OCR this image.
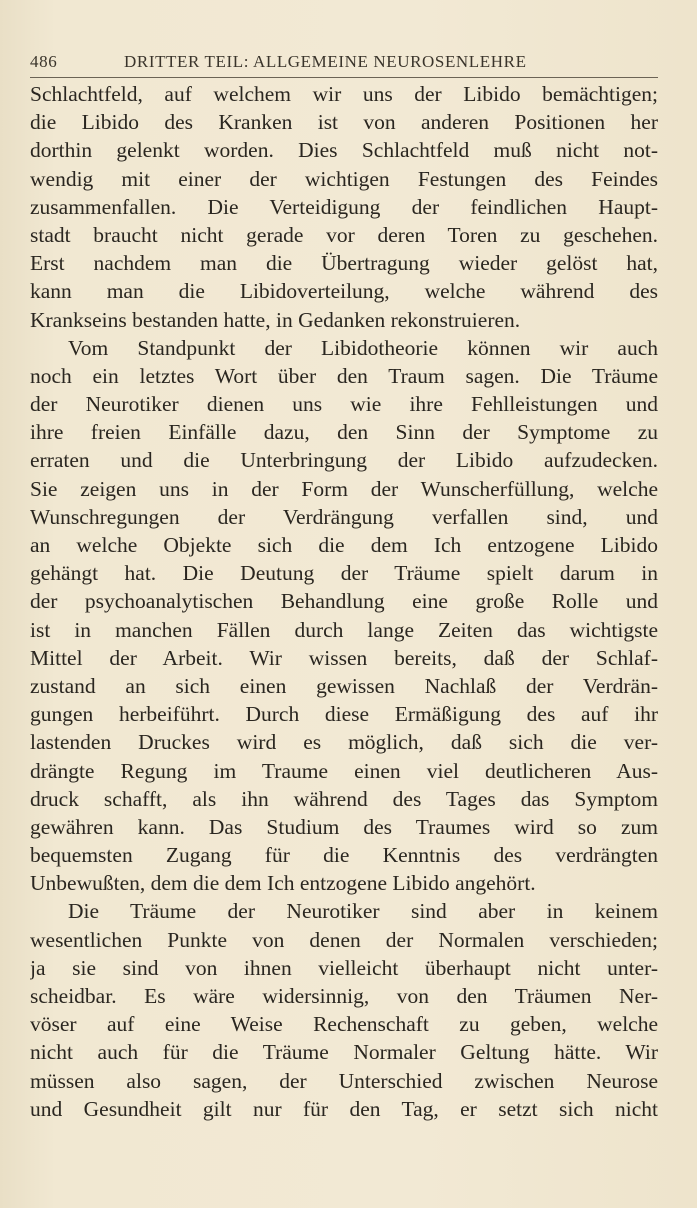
486	DRITTER TEIL: ALLGEMEINE NEUROSENLEHRE
Schlachtfeld, auf welchem wir uns der Libido bemächtigen;
die Libido des Kranken ist von anderen Positionen her
dorthin gelenkt worden. Dies Schlachtfeld muß nicht not-
wendig mit einer der wichtigen Festungen des Feindes
zusammenfallen. Die Verteidigung der feindlichen Haupt-
stadt braucht nicht gerade vor deren Toren zu geschehen.
Erst nachdem man die Übertragung wieder gelöst hat,
kann man die Libidoverteilung, welche während des
Krankseins bestanden hatte, in Gedanken rekonstruieren.
Vom Standpunkt der Libidotheorie können wir auch
noch ein letztes Wort über den Traum sagen. Die Träume
der Neurotiker dienen uns wie ihre Fehlleistungen und
ihre freien Einfälle dazu, den Sinn der Symptome zu
erraten und die Unterbringung der Libido aufzudecken.
Sie zeigen uns in der Form der Wunscherfüllung, welche
Wunschregungen der Verdrängung verfallen sind, und
an welche Objekte sich die dem Ich entzogene Libido
gehängt hat. Die Deutung der Träume spielt darum in
der psychoanalytischen Behandlung eine große Rolle und
ist in manchen Fällen durch lange Zeiten das wichtigste
Mittel der Arbeit. Wir wissen bereits, daß der Schlaf-
zustand an sich einen gewissen Nachlaß der Verdrän-
gungen herbeiführt. Durch diese Ermäßigung des auf ihr
lastenden Druckes wird es möglich, daß sich die ver-
drängte Regung im Traume einen viel deutlicheren Aus-
druck schafft, als ihn während des Tages das Symptom
gewähren kann. Das Studium des Traumes wird so zum
bequemsten Zugang für die Kenntnis des verdrängten
Unbewußten, dem die dem Ich entzogene Libido angehört.
Die Träume der Neurotiker sind aber in keinem
wesentlichen Punkte von denen der Normalen verschieden;
ja sie sind von ihnen vielleicht überhaupt nicht unter-
scheidbar. Es wäre widersinnig, von den Träumen Ner-
vöser auf eine Weise Rechenschaft zu geben, welche
nicht auch für die Träume Normaler Geltung hätte. Wir
müssen also sagen, der Unterschied zwischen Neurose
und Gesundheit gilt nur für den Tag, er setzt sich nicht
